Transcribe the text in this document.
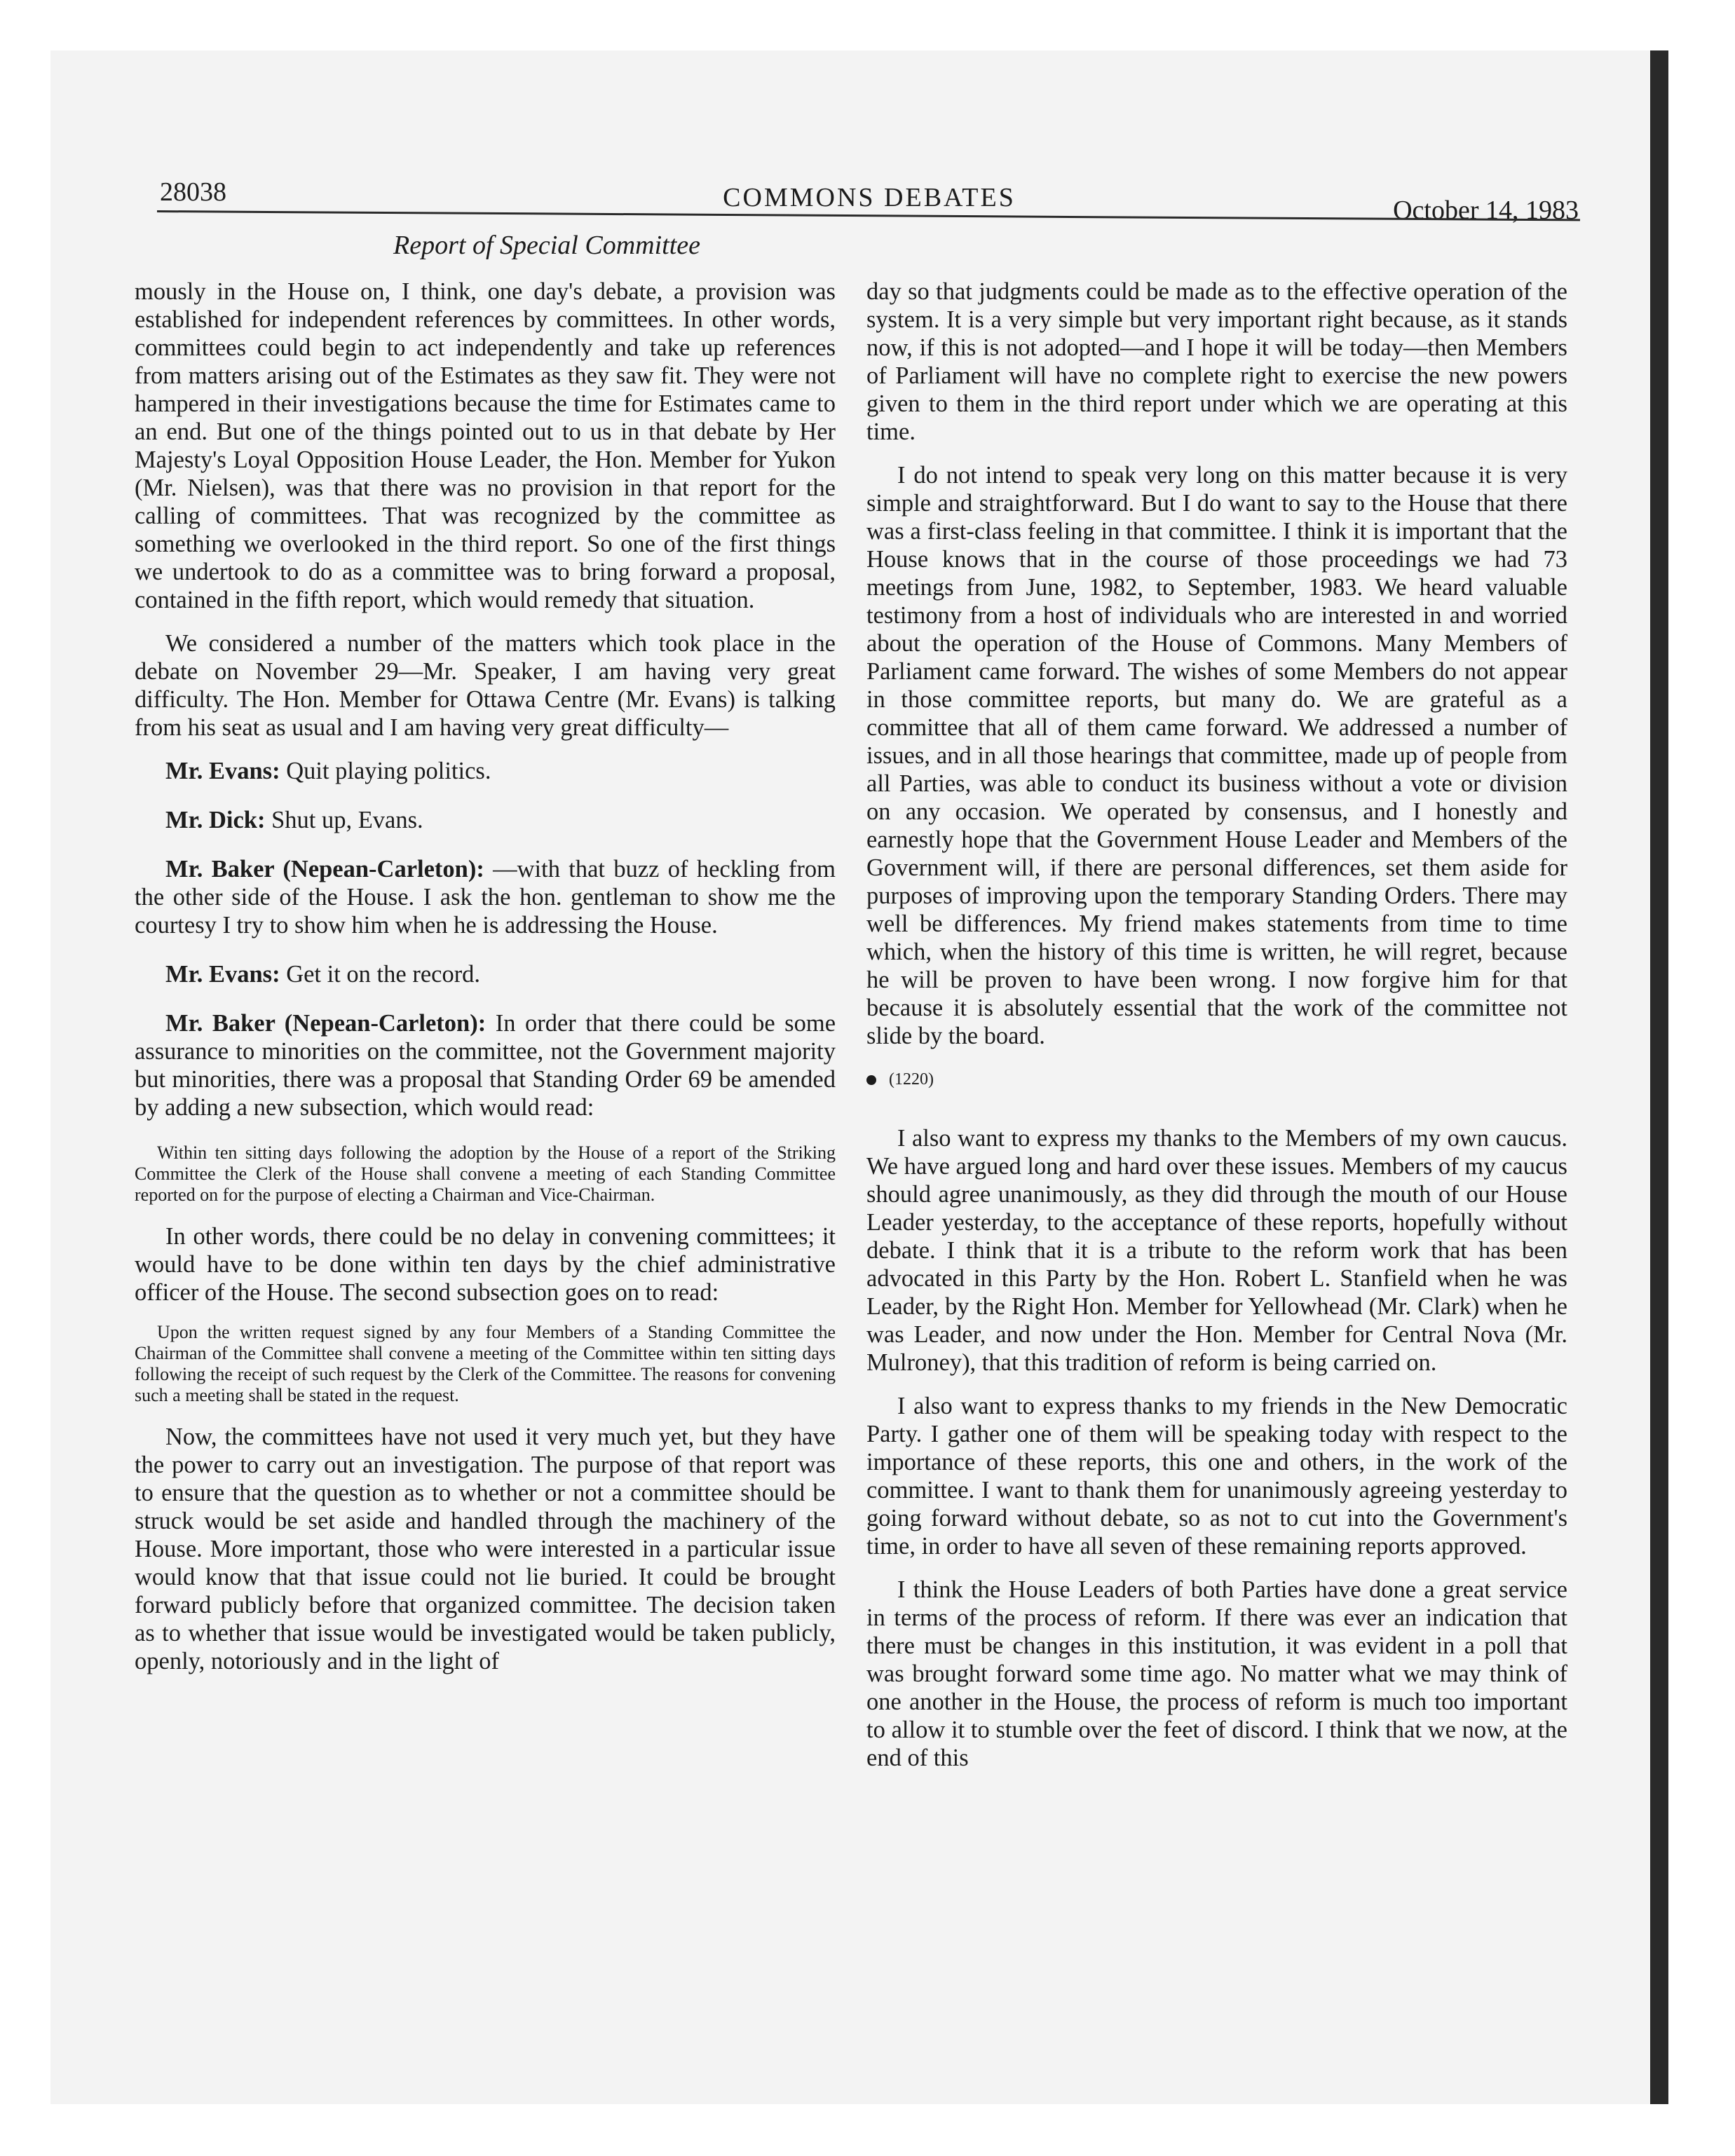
28038	COMMONS DEBATES	October 14, 1983
Report of Special Committee

mously in the House on, I think, one day's debate, a provision was established for independent references by committees. In other words, committees could begin to act independently and take up references from matters arising out of the Estimates as they saw fit. They were not hampered in their investigations because the time for Estimates came to an end. But one of the things pointed out to us in that debate by Her Majesty's Loyal Opposition House Leader, the Hon. Member for Yukon (Mr. Nielsen), was that there was no provision in that report for the calling of committees. That was recognized by the committee as something we overlooked in the third report. So one of the first things we undertook to do as a committee was to bring forward a proposal, contained in the fifth report, which would remedy that situation.

We considered a number of the matters which took place in the debate on November 29—Mr. Speaker, I am having very great difficulty. The Hon. Member for Ottawa Centre (Mr. Evans) is talking from his seat as usual and I am having very great difficulty—

Mr. Evans: Quit playing politics.

Mr. Dick: Shut up, Evans.

Mr. Baker (Nepean-Carleton): —with that buzz of heckling from the other side of the House. I ask the hon. gentleman to show me the courtesy I try to show him when he is addressing the House.

Mr. Evans: Get it on the record.

Mr. Baker (Nepean-Carleton): In order that there could be some assurance to minorities on the committee, not the Government majority but minorities, there was a proposal that Standing Order 69 be amended by adding a new subsection, which would read:

Within ten sitting days following the adoption by the House of a report of the Striking Committee the Clerk of the House shall convene a meeting of each Standing Committee reported on for the purpose of electing a Chairman and Vice-Chairman.

In other words, there could be no delay in convening committees; it would have to be done within ten days by the chief administrative officer of the House. The second subsection goes on to read:

Upon the written request signed by any four Members of a Standing Committee the Chairman of the Committee shall convene a meeting of the Committee within ten sitting days following the receipt of such request by the Clerk of the Committee. The reasons for convening such a meeting shall be stated in the request.

Now, the committees have not used it very much yet, but they have the power to carry out an investigation. The purpose of that report was to ensure that the question as to whether or not a committee should be struck would be set aside and handled through the machinery of the House. More important, those who were interested in a particular issue would know that that issue could not lie buried. It could be brought forward publicly before that organized committee. The decision taken as to whether that issue would be investigated would be taken publicly, openly, notoriously and in the light of

day so that judgments could be made as to the effective operation of the system. It is a very simple but very important right because, as it stands now, if this is not adopted—and I hope it will be today—then Members of Parliament will have no complete right to exercise the new powers given to them in the third report under which we are operating at this time.

I do not intend to speak very long on this matter because it is very simple and straightforward. But I do want to say to the House that there was a first-class feeling in that committee. I think it is important that the House knows that in the course of those proceedings we had 73 meetings from June, 1982, to September, 1983. We heard valuable testimony from a host of individuals who are interested in and worried about the operation of the House of Commons. Many Members of Parliament came forward. The wishes of some Members do not appear in those committee reports, but many do. We are grateful as a committee that all of them came forward. We addressed a number of issues, and in all those hearings that committee, made up of people from all Parties, was able to conduct its business without a vote or division on any occasion. We operated by consensus, and I honestly and earnestly hope that the Government House Leader and Members of the Government will, if there are personal differences, set them aside for purposes of improving upon the temporary Standing Orders. There may well be differences. My friend makes statements from time to time which, when the history of this time is written, he will regret, because he will be proven to have been wrong. I now forgive him for that because it is absolutely essential that the work of the committee not slide by the board.

(1220)

I also want to express my thanks to the Members of my own caucus. We have argued long and hard over these issues. Members of my caucus should agree unanimously, as they did through the mouth of our House Leader yesterday, to the acceptance of these reports, hopefully without debate. I think that it is a tribute to the reform work that has been advocated in this Party by the Hon. Robert L. Stanfield when he was Leader, by the Right Hon. Member for Yellowhead (Mr. Clark) when he was Leader, and now under the Hon. Member for Central Nova (Mr. Mulroney), that this tradition of reform is being carried on.

I also want to express thanks to my friends in the New Democratic Party. I gather one of them will be speaking today with respect to the importance of these reports, this one and others, in the work of the committee. I want to thank them for unanimously agreeing yesterday to going forward without debate, so as not to cut into the Government's time, in order to have all seven of these remaining reports approved.

I think the House Leaders of both Parties have done a great service in terms of the process of reform. If there was ever an indication that there must be changes in this institution, it was evident in a poll that was brought forward some time ago. No matter what we may think of one another in the House, the process of reform is much too important to allow it to stumble over the feet of discord. I think that we now, at the end of this
